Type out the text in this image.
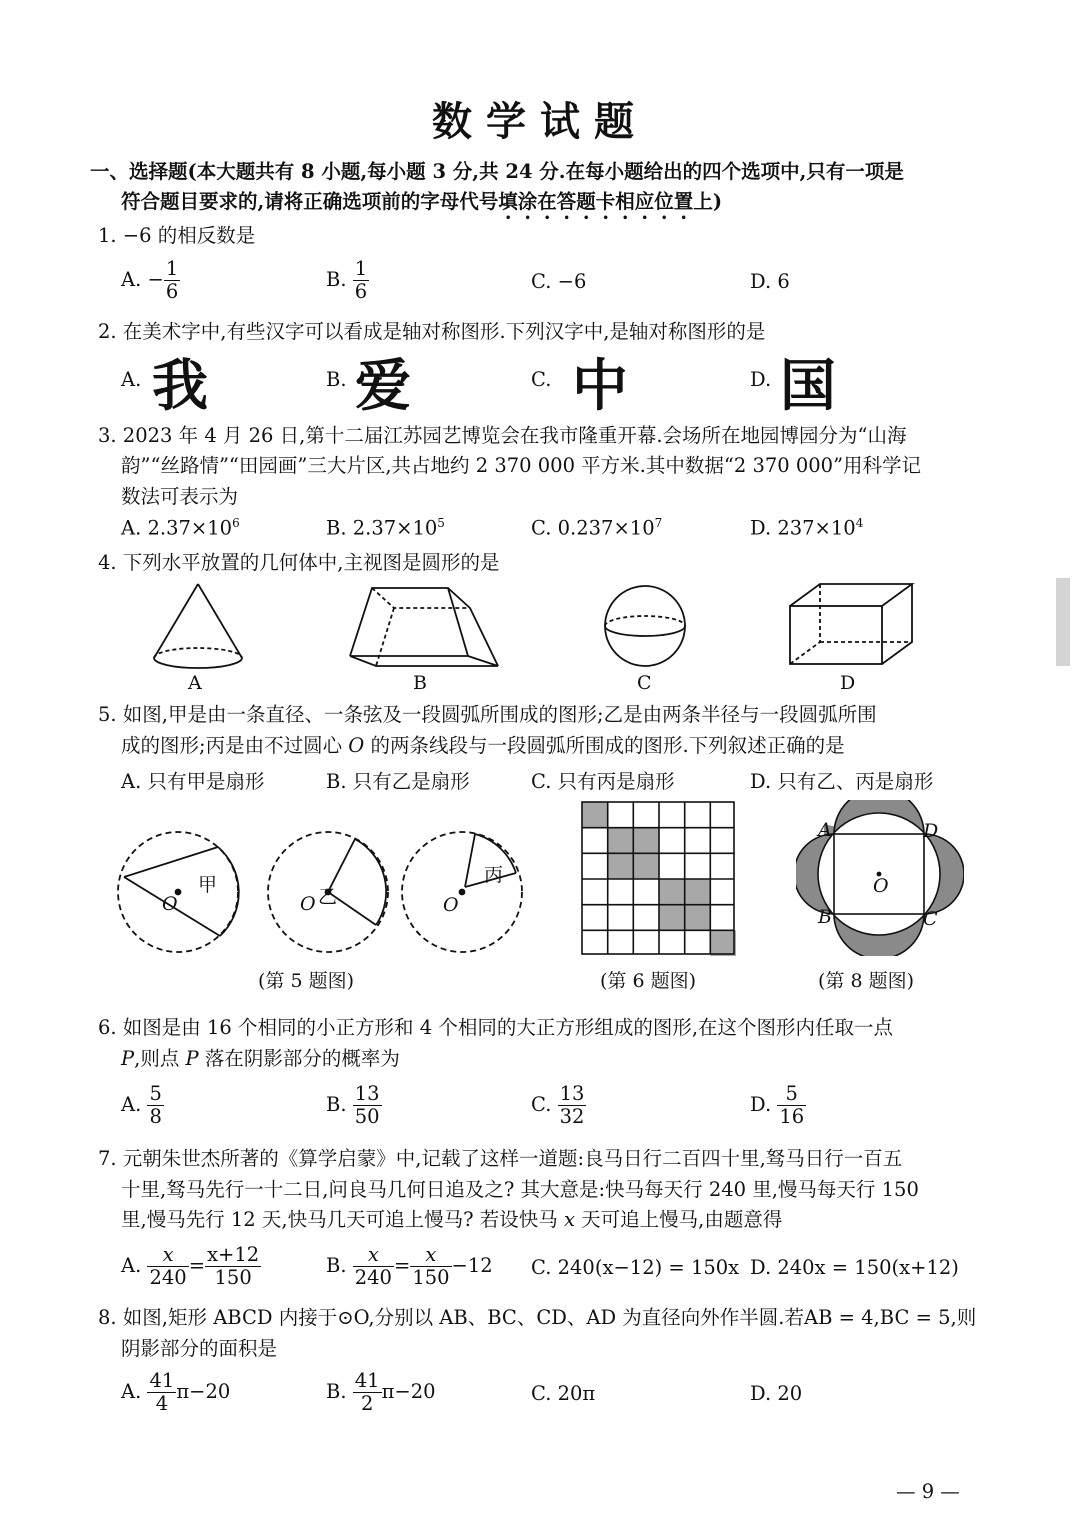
数学试题
一、选择题(本大题共有 8 小题,每小题 3 分,共 24 分.在每小题给出的四个选项中,只有一项是
符合题目要求的,请将正确选项前的字母代号填涂在答题卡相应位置上)
1. −6 的相反数是
A. − $\frac{1}{6}$	B. $\frac{1}{6}$	C. −6	D. 6
2. 在美术字中,有些汉字可以看成是轴对称图形.下列汉字中,是轴对称图形的是
A. 我	B. 爱	C. 中	D. 国
3. 2023 年 4 月 26 日,第十二届江苏园艺博览会在我市隆重开幕.会场所在地园博园分为“山海
韵”“丝路情”“田园画”三大片区,共占地约 2 370 000 平方米.其中数据“2 370 000”用科学记
数法可表示为
A. $2.37\times 10^6$	B. $2.37\times 10^5$	C. $0.237\times 10^7$	D. $237\times 10^4$
4. 下列水平放置的几何体中,主视图是圆形的是
A	B	C	D
5. 如图,甲是由一条直径、一条弦及一段圆弧所围成的图形;乙是由两条半径与一段圆弧所围
成的图形;丙是由不过圆心 O 的两条线段与一段圆弧所围成的图形.下列叙述正确的是
A. 只有甲是扇形	B. 只有乙是扇形	C. 只有丙是扇形	D. 只有乙、丙是扇形
甲
O	乙
O
丙
O
A	D
B	C
O
(第 5 题图)	(第 6 题图)	(第 8 题图)
6. 如图是由 16 个相同的小正方形和 4 个相同的大正方形组成的图形,在这个图形内任取一点
P,则点 P 落在阴影部分的概率为
A. $\frac{5}{8}$	B. $\frac{13}{50}$	C. $\frac{13}{32}$	D. $\frac{5}{16}$
7. 元朝朱世杰所著的《算学启蒙》中,记载了这样一道题:良马日行二百四十里,驽马日行一百五
十里,驽马先行一十二日,问良马几何日追及之? 其大意是:快马每天行 240 里,慢马每天行 150
里,慢马先行 12 天,快马几天可追上慢马? 若设快马 x 天可追上慢马,由题意得
A. $\frac{x}{240} = \frac{x+12}{150}$	B. $\frac{x}{240} = \frac{x}{150} -12$ C. 240(x−12) = 150x D. 240x = 150(x+12)
8. 如图,矩形 ABCD 内接于⊙O,分别以 AB、BC、CD、AD 为直径向外作半圆.若AB = 4,BC = 5,则
阴影部分的面积是
A. $\frac{41}{4} \pi-20$	B. $\frac{41}{2} \pi-20$	C. 20π	D. 20
— 9 —
